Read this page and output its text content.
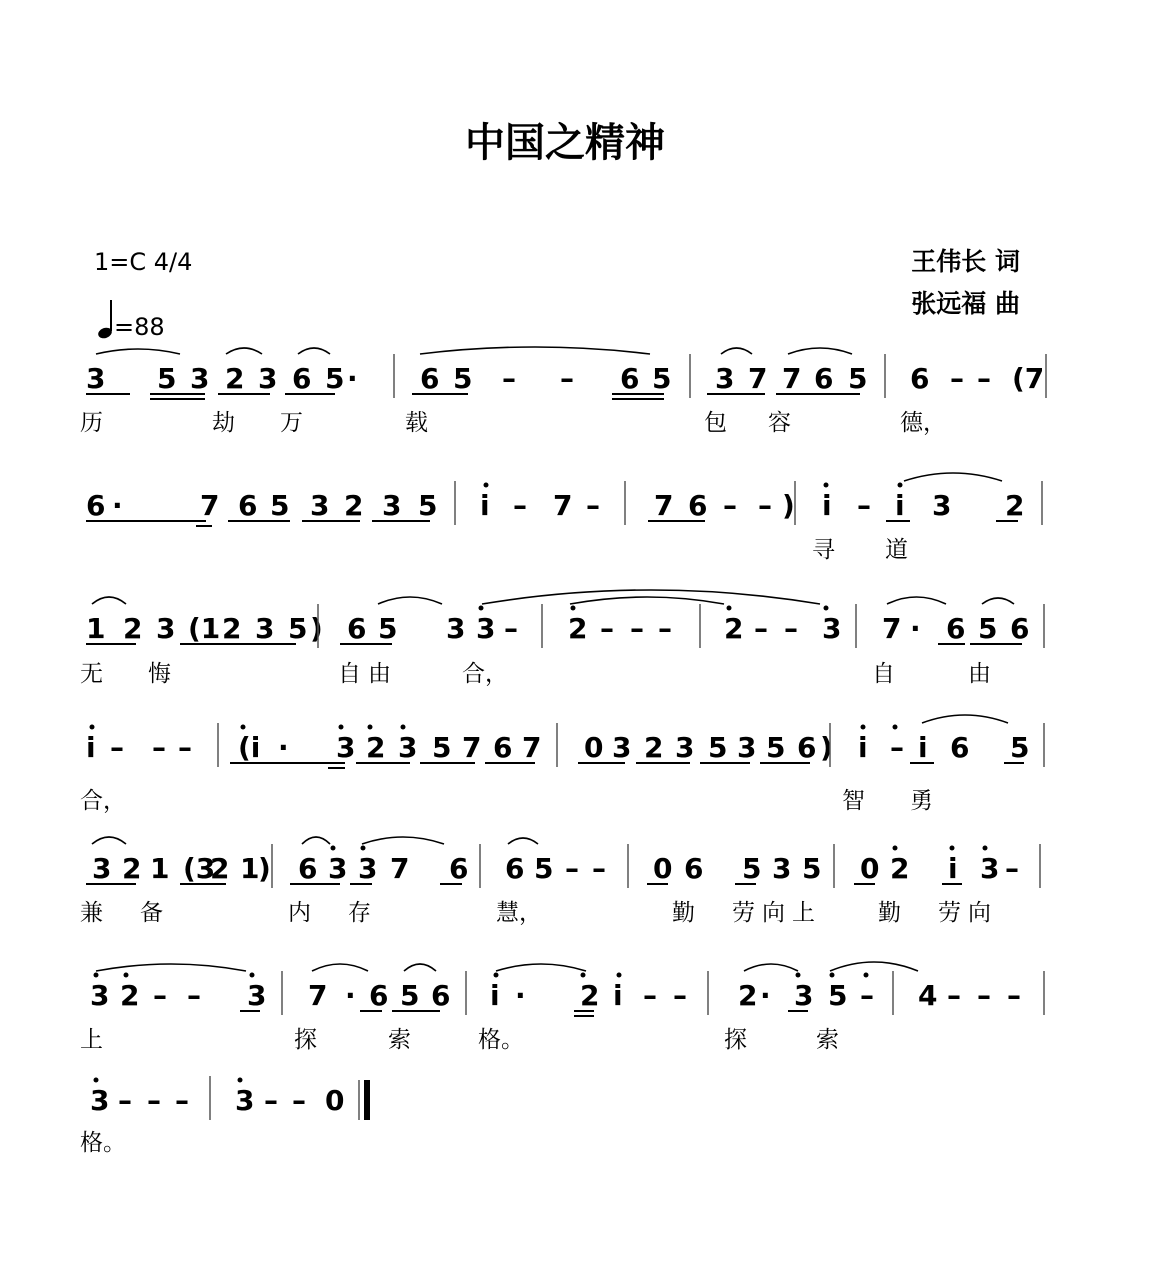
中国之精神
1=C 4/4
=88
王伟长 词
张远福 曲
3 5 3 2 3 6 5 · 6 5 – – 6 5 3 7 7 6 5 6 – – (7
历	劫 万	载	包 容	德，
6 ·	7 6 5 3 2 3 5 i – 7 – 7 6 – – ) i – i 3 2
寻 道
1 2 3 (1 2 3 5 ) 6 5 3 3 – 2 – – – 2 – – 3 7 · 6 5 6
无 悔	自 由	合，	自	由
i – – – (i · 3 2 3 5 7 6 7 0 3 2 3 5 3 5 6 ) i – i 6 5
合，	智 勇
3 2 1 (3
2 1
) 6 3 3 7 6 6 5 – – 0 6 5 3 5 0 2 i 3 –
兼 备	内 存	慧，	勤 劳 向 上	勤 劳 向
3 2 – – 3 7 · 6 5 6 i · 2 i – – 2 · 3 5 – 4 – – –
上	探	索	格。	探	索
3 – – – 3 – – 0
格。
